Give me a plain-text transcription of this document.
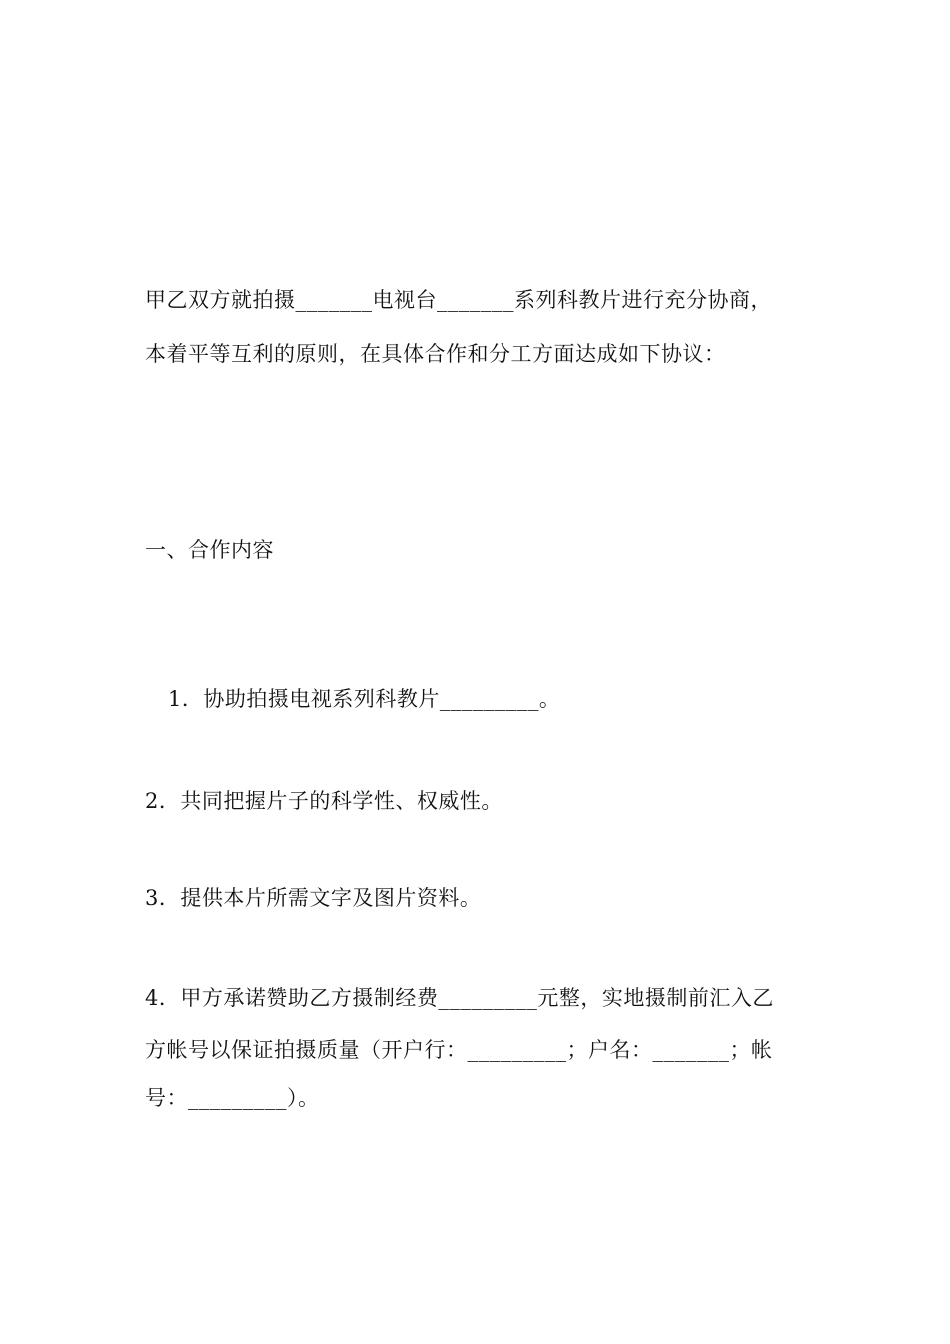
甲乙双方就拍摄_______电视台_______系列科教片进行充分协商，
本着平等互利的原则，在具体合作和分工方面达成如下协议：
一、合作内容
1．协助拍摄电视系列科教片_________。
2．共同把握片子的科学性、权威性。
3．提供本片所需文字及图片资料。
4．甲方承诺赞助乙方摄制经费_________元整，实地摄制前汇入乙
方帐号以保证拍摄质量（开户行：_________；户名：_______；帐
号：_________）。
